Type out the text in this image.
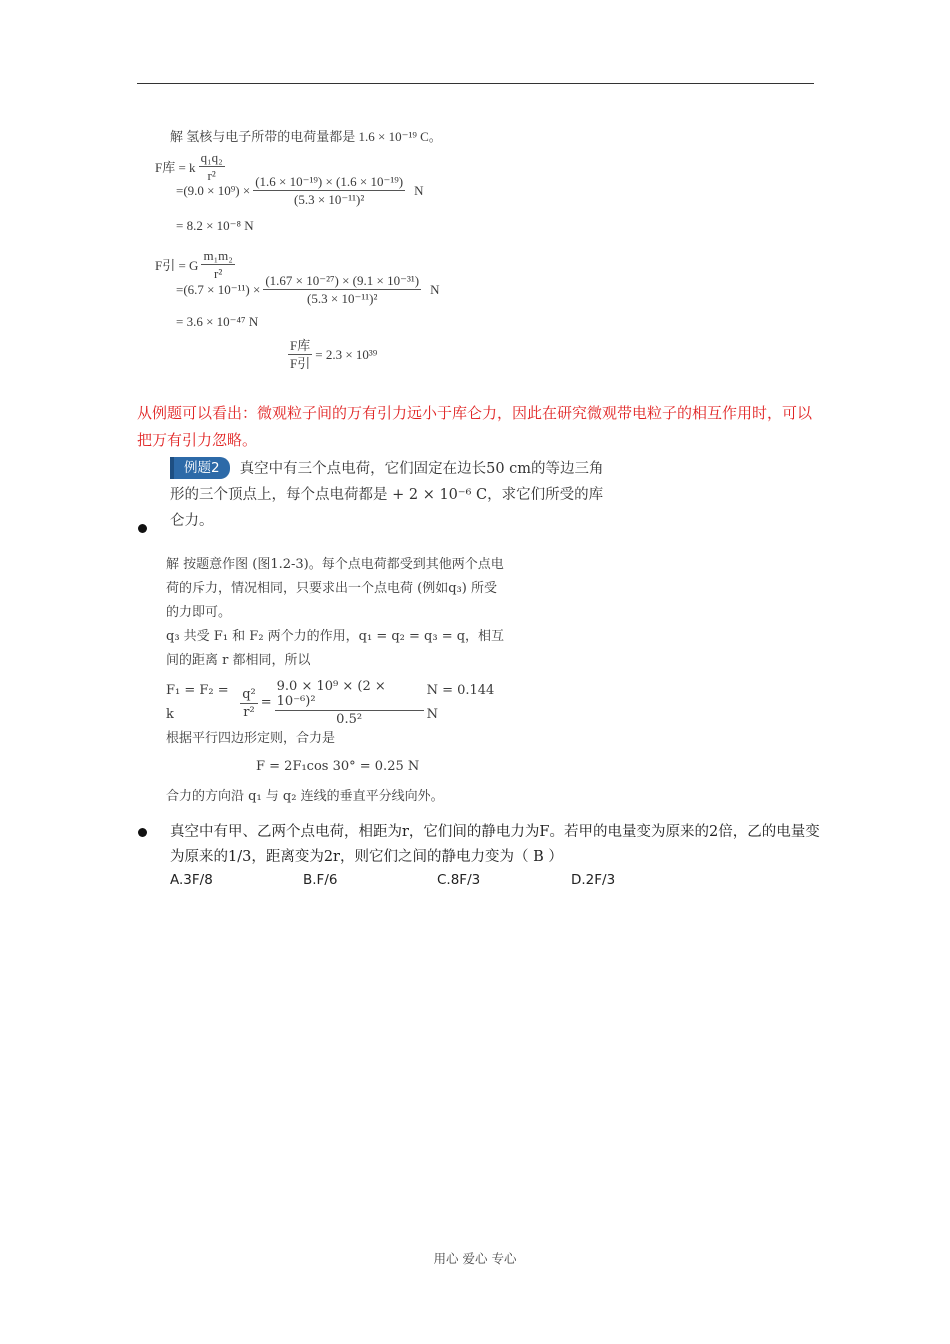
解 氢核与电子所带的电荷量都是 1.6 × 10⁻¹⁹ C。
F库 = k $\frac{\text{q₁q₂}}{\text{r²}}$
$=(9.0 \times 10^9) \times \frac{\text{(1.6 × 10⁻¹⁹) × (1.6 × 10⁻¹⁹)}}{\text{(5.3 × 10⁻¹¹)²}}$ N
= 8.2 × 10⁻⁸ N
F引 = G $\frac{\text{m₁m₂}}{\text{r²}}$
$=(6.7 \times 10^{-11}) \times \frac{\text{(1.67 × 10⁻²⁷) × (9.1 × 10⁻³¹)}}{\text{(5.3 × 10⁻¹¹)²}}$ N
= 3.6 × 10⁻⁴⁷ N
$\frac{\text{F库}}{\text{F引}} = 2.3 \times 10^{39}$
从例题可以看出：微观粒子间的万有引力远小于库仑力，因此在研究微观带电粒子的相互作用时，可以把万有引力忽略。
例题2 真空中有三个点电荷，它们固定在边长50 cm的等边三角形的三个顶点上，每个点电荷都是 + 2 × 10⁻⁶ C，求它们所受的库仑力。
解 按题意作图 (图1.2-3)。每个点电荷都受到其他两个点电荷的斥力，情况相同，只要求出一个点电荷 (例如q₃) 所受的力即可。
q₃ 共受 F₁ 和 F₂ 两个力的作用，q₁ = q₂ = q₃ = q，相互间的距离 r 都相同，所以
F₁ = F₂ = k	$\frac{\text{q²}}{\text{r²}} = \frac{\text{9.0 × 10⁹ × (2 × 10⁻⁶)²}}{\text{0.5²}}$ N = 0.144 N
根据平行四边形定则，合力是
F = 2F₁cos 30° = 0.25 N
合力的方向沿 q₁ 与 q₂ 连线的垂直平分线向外。
真空中有甲、乙两个点电荷，相距为r，它们间的静电力为F。若甲的电量变为原来的2倍，乙的电量变为原来的1/3，距离变为2r，则它们之间的静电力变为（ B ）
A.3F/8	B.F/6	C.8F/3	D.2F/3
用心 爱心 专心
